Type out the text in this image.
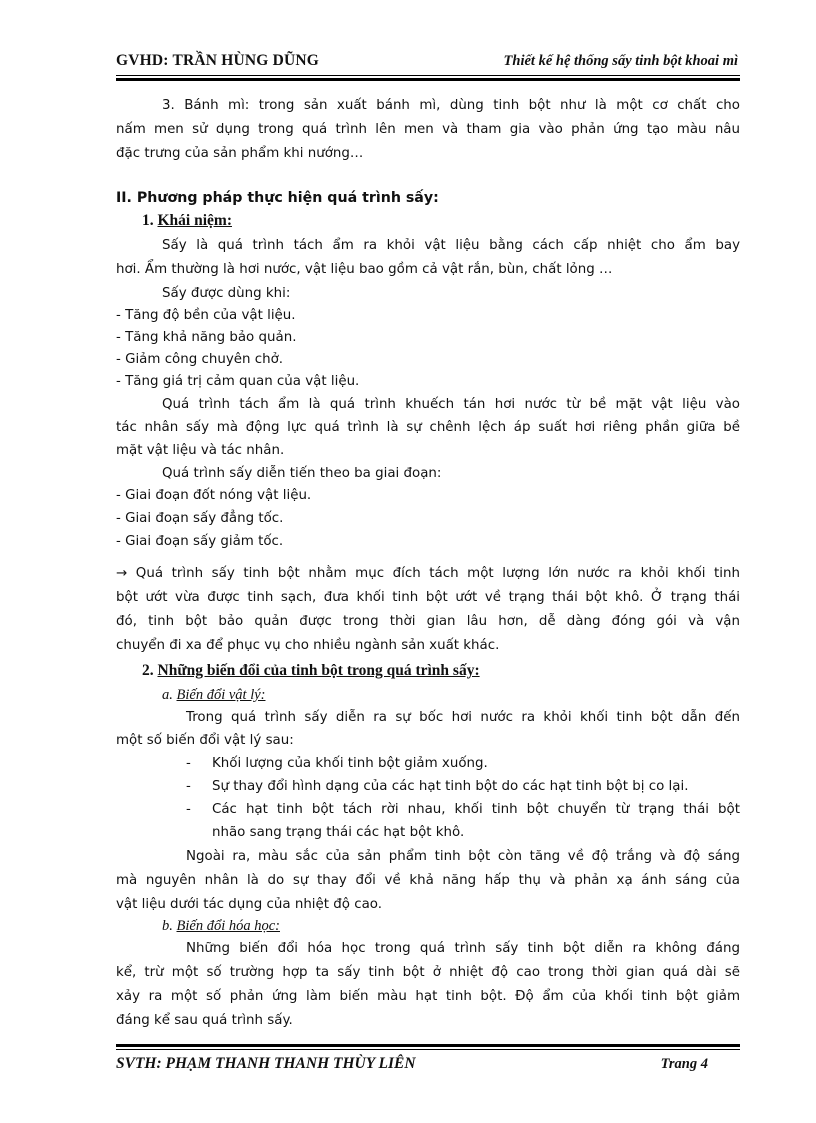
GVHD: TRẦN HÙNG DŨNG	Thiết kế hệ thống sấy tinh bột khoai mì
3. Bánh mì: trong sản xuất bánh mì, dùng tinh bột như là một cơ chất cho
nấm men sử dụng trong quá trình lên men và tham gia vào phản ứng tạo màu nâu
đặc trưng của sản phẩm khi nướng…
II. Phương pháp thực hiện quá trình sấy:
1. Khái niệm:
Sấy là quá trình tách ẩm ra khỏi vật liệu bằng cách cấp nhiệt cho ẩm bay
hơi. Ẩm thường là hơi nước, vật liệu bao gồm cả vật rắn, bùn, chất lỏng …
Sấy được dùng khi:
- Tăng độ bền của vật liệu.
- Tăng khả năng bảo quản.
- Giảm công chuyên chở.
- Tăng giá trị cảm quan của vật liệu.
Quá trình tách ẩm là quá trình khuếch tán hơi nước từ bề mặt vật liệu vào
tác nhân sấy mà động lực quá trình là sự chênh lệch áp suất hơi riêng phần giữa bề
mặt vật liệu và tác nhân.
Quá trình sấy diễn tiến theo ba giai đoạn:
- Giai đoạn đốt nóng vật liệu.
- Giai đoạn sấy đẳng tốc.
- Giai đoạn sấy giảm tốc.
→ Quá trình sấy tinh bột nhằm mục đích tách một lượng lớn nước ra khỏi khối tinh
bột ướt vừa được tinh sạch, đưa khối tinh bột ướt về trạng thái bột khô. Ở trạng thái
đó, tinh bột bảo quản được trong thời gian lâu hơn, dễ dàng đóng gói và vận
chuyển đi xa để phục vụ cho nhiều ngành sản xuất khác.
2. Những biến đổi của tinh bột trong quá trình sấy:
a. Biến đổi vật lý:
Trong quá trình sấy diễn ra sự bốc hơi nước ra khỏi khối tinh bột dẫn đến
một số biến đổi vật lý sau:
- Khối lượng của khối tinh bột giảm xuống.
- Sự thay đổi hình dạng của các hạt tinh bột do các hạt tinh bột bị co lại.
- Các hạt tinh bột tách rời nhau, khối tinh bột chuyển từ trạng thái bột
nhão sang trạng thái các hạt bột khô.
Ngoài ra, màu sắc của sản phẩm tinh bột còn tăng về độ trắng và độ sáng
mà nguyên nhân là do sự thay đổi về khả năng hấp thụ và phản xạ ánh sáng của
vật liệu dưới tác dụng của nhiệt độ cao.
b. Biến đổi hóa học:
Những biến đổi hóa học trong quá trình sấy tinh bột diễn ra không đáng
kể, trừ một số trường hợp ta sấy tinh bột ở nhiệt độ cao trong thời gian quá dài sẽ
xảy ra một số phản ứng làm biến màu hạt tinh bột. Độ ẩm của khối tinh bột giảm
đáng kể sau quá trình sấy.
SVTH: PHẠM THANH THANH THÙY LIÊN	Trang 4
